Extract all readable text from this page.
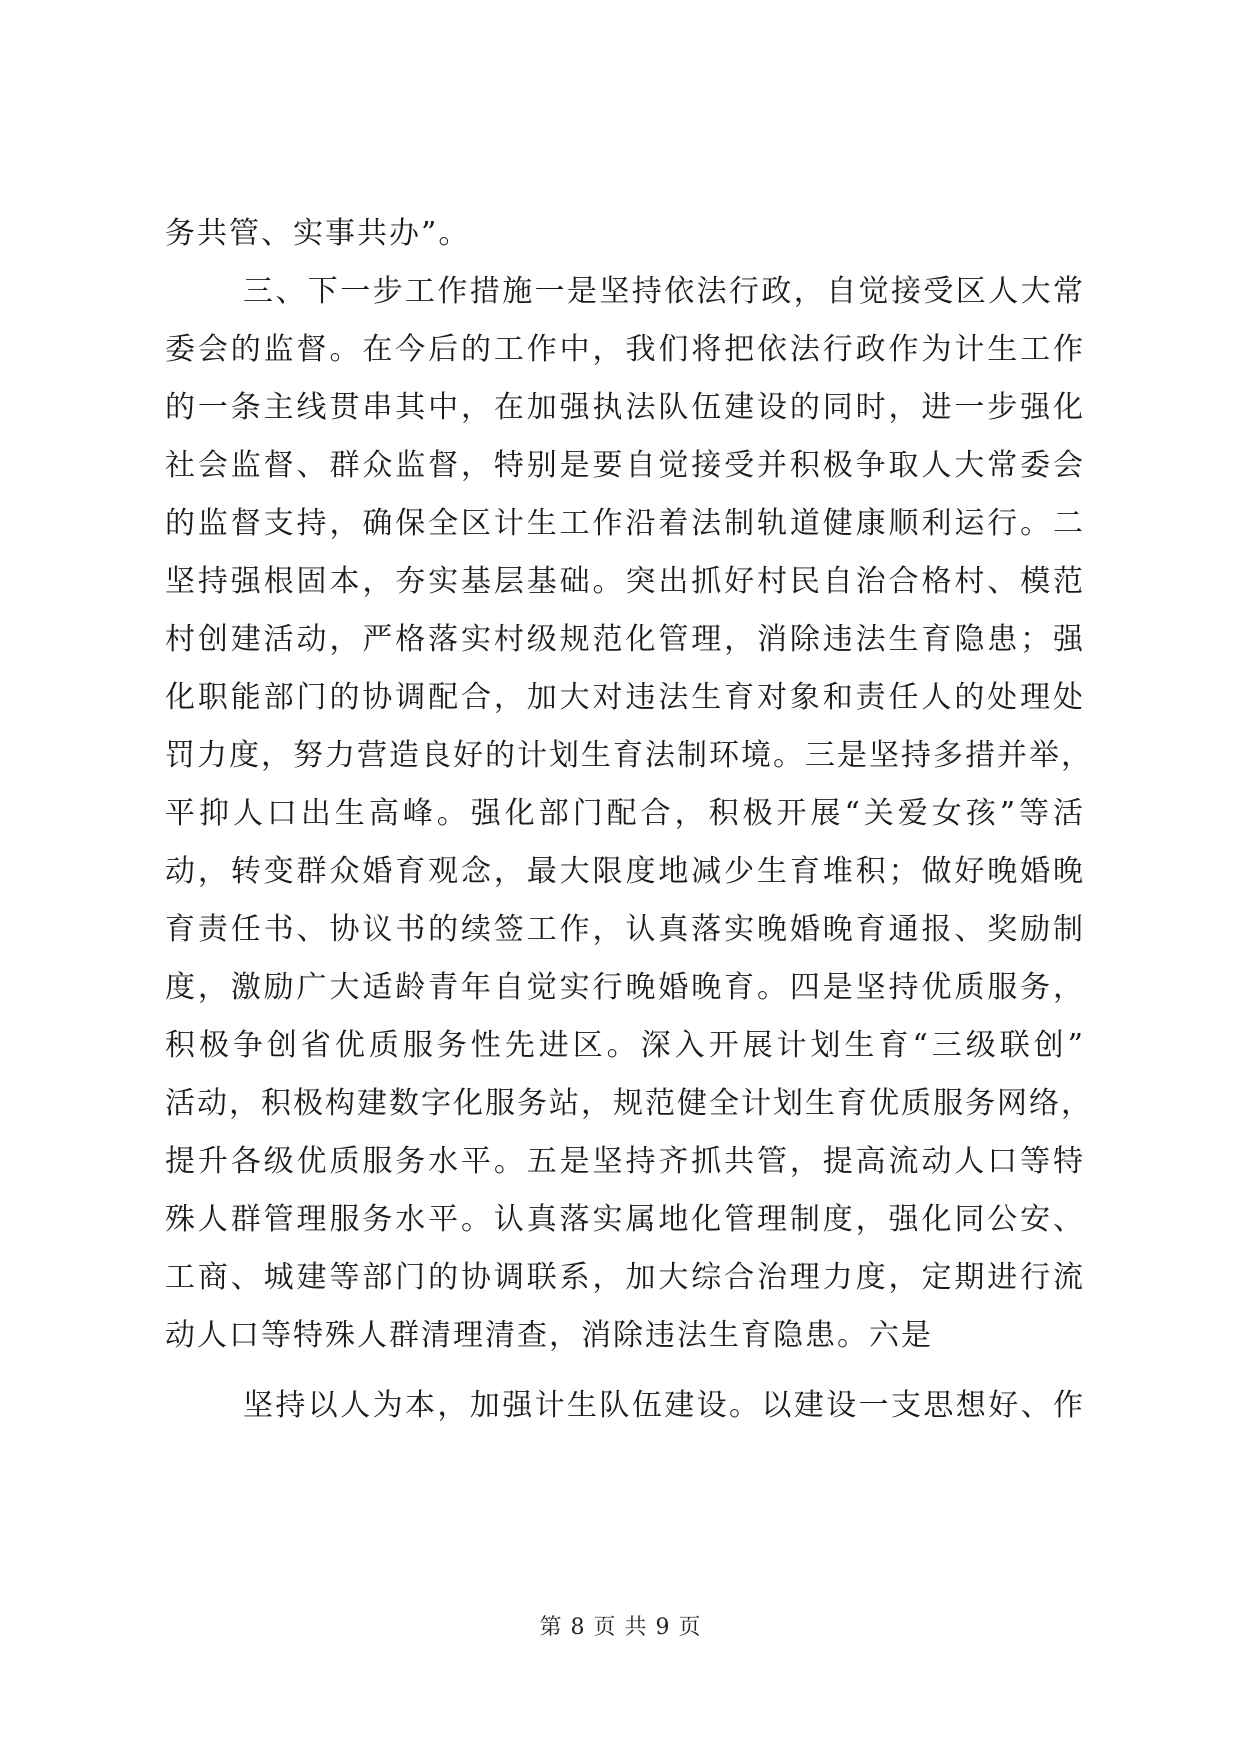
务共管、实事共办”。
三、下一步工作措施一是坚持依法行政，自觉接受区人大常
委会的监督。在今后的工作中，我们将把依法行政作为计生工作
的一条主线贯串其中，在加强执法队伍建设的同时，进一步强化
社会监督、群众监督，特别是要自觉接受并积极争取人大常委会
的监督支持，确保全区计生工作沿着法制轨道健康顺利运行。二
坚持强根固本，夯实基层基础。突出抓好村民自治合格村、模范
村创建活动，严格落实村级规范化管理，消除违法生育隐患；强
化职能部门的协调配合，加大对违法生育对象和责任人的处理处
罚力度，努力营造良好的计划生育法制环境。三是坚持多措并举，
平抑人口出生高峰。强化部门配合，积极开展“关爱女孩”等活
动，转变群众婚育观念，最大限度地减少生育堆积；做好晚婚晚
育责任书、协议书的续签工作，认真落实晚婚晚育通报、奖励制
度，激励广大适龄青年自觉实行晚婚晚育。四是坚持优质服务，
积极争创省优质服务性先进区。深入开展计划生育“三级联创”
活动，积极构建数字化服务站，规范健全计划生育优质服务网络，
提升各级优质服务水平。五是坚持齐抓共管，提高流动人口等特
殊人群管理服务水平。认真落实属地化管理制度，强化同公安、
工商、城建等部门的协调联系，加大综合治理力度，定期进行流
动人口等特殊人群清理清查，消除违法生育隐患。六是
坚持以人为本，加强计生队伍建设。以建设一支思想好、作
第 8 页 共 9 页
